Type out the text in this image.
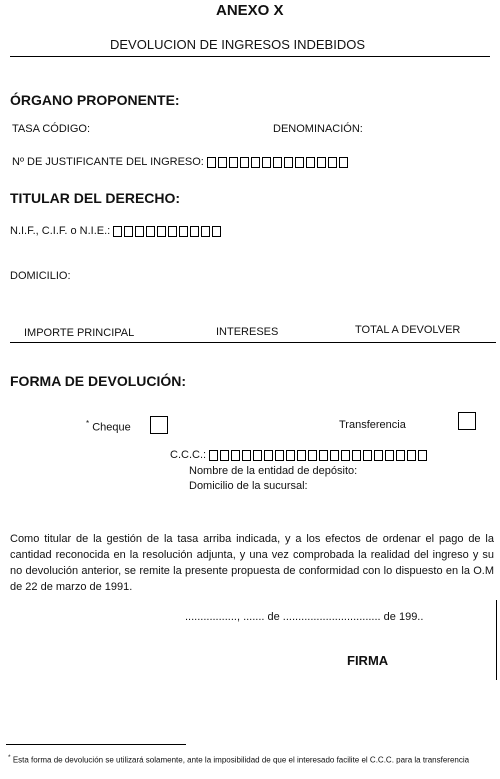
ANEXO X
DEVOLUCION DE INGRESOS INDEBIDOS
ÓRGANO PROPONENTE:
TASA CÓDIGO:	DENOMINACIÓN:
Nº DE JUSTIFICANTE DEL INGRESO:
TITULAR DEL DERECHO:
N.I.F., C.I.F. o N.I.E.:
DOMICILIO:
IMPORTE PRINCIPAL	INTERESES	TOTAL A DEVOLVER
FORMA DE DEVOLUCIÓN:
* Cheque	Transferencia
C.C.C.:
Nombre de la entidad de depósito:
Domicilio de la sucursal:
Como titular de la gestión de la tasa arriba indicada, y a los efectos de ordenar el pago de la cantidad reconocida en la resolución adjunta, y una vez comprobada la realidad del ingreso y su no devolución anterior, se remite la presente propuesta de conformidad con lo dispuesto en la O.M de 22 de marzo de 1991.
................., ....... de ................................ de 199..
FIRMA
* Esta forma de devolución se utilizará solamente, ante la imposibilidad de que el interesado facilite el C.C.C. para la transferencia
